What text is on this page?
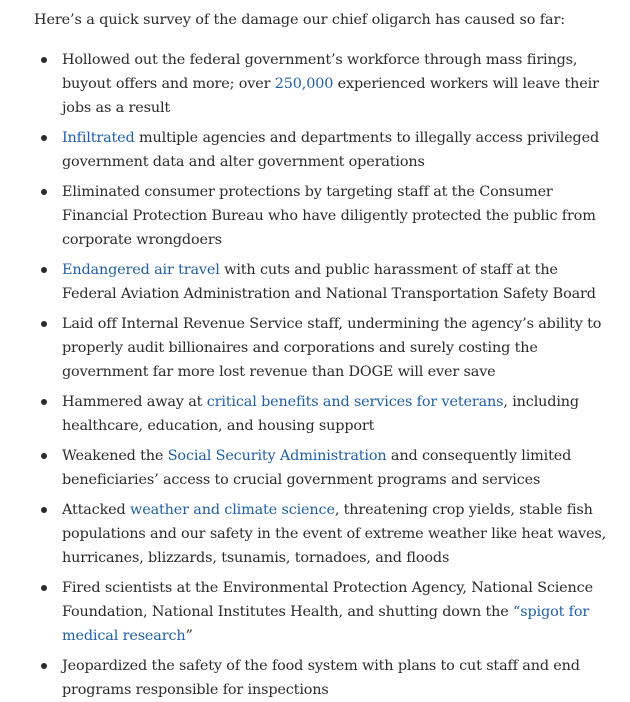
Here’s a quick survey of the damage our chief oligarch has caused so far:

Hollowed out the federal government’s workforce through mass firings, buyout offers and more; over 250,000 experienced workers will leave their jobs as a result
Infiltrated multiple agencies and departments to illegally access privileged government data and alter government operations
Eliminated consumer protections by targeting staff at the Consumer Financial Protection Bureau who have diligently protected the public from corporate wrongdoers
Endangered air travel with cuts and public harassment of staff at the Federal Aviation Administration and National Transportation Safety Board
Laid off Internal Revenue Service staff, undermining the agency’s ability to properly audit billionaires and corporations and surely costing the government far more lost revenue than DOGE will ever save
Hammered away at critical benefits and services for veterans, including healthcare, education, and housing support
Weakened the Social Security Administration and consequently limited beneficiaries’ access to crucial government programs and services
Attacked weather and climate science, threatening crop yields, stable fish populations and our safety in the event of extreme weather like heat waves, hurricanes, blizzards, tsunamis, tornadoes, and floods
Fired scientists at the Environmental Protection Agency, National Science Foundation, National Institutes Health, and shutting down the “spigot for medical research”
Jeopardized the safety of the food system with plans to cut staff and end programs responsible for inspections
